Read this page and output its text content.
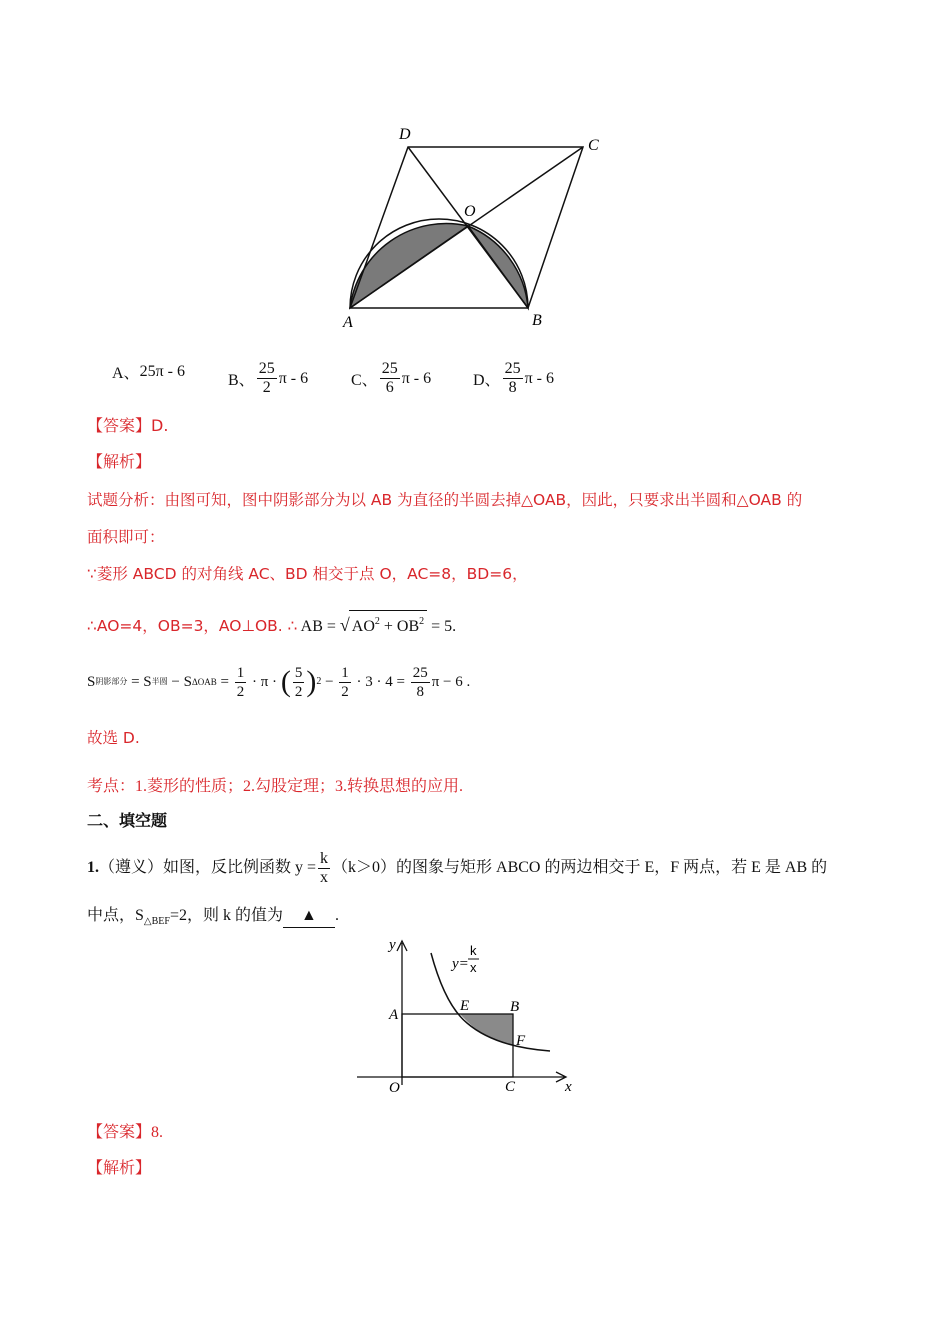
D
C
O
A	B
A、 25π - 6
B、 $\frac{25}{2}$ π - 6	C、 $\frac{25}{6}$ π - 6	D、 $\frac{25}{8}$ π - 6
【答案】D.
【解析】
试题分析：由图可知，图中阴影部分为以 AB 为直径的半圆去掉△OAB，因此，只要求出半圆和△OAB 的
面积即可：
∵菱形 ABCD 的对角线 AC、BD 相交于点 O，AC=8，BD=6，
∴AO=4，OB=3，AO⊥OB. ∴ AB = √ $AO^2 + OB^2 = 5$.
S 阴影部分 = S 半圆 − S $\Delta OAB = \frac{1}{2} \cdot \pi$ · ( $\frac{5}{2}$ ) $2 - \frac{1}{2} \cdot 3 \cdot 4 = \frac{25}{8}$ π − 6 .
故选 D.
考点：1.菱形的性质；2.勾股定理；3.转换思想的应用.
二、填空题
1. （遵义）如图，反比例函数 $y = \frac{k}{x} (k>0)$的图象与矩形 ABCO 的两边相交于 E，F 两点，若 E 是 AB 的
中点，$S_{\triangle BEF}=2$，则 k 的值为 ▲ .
y
x
O
A
E	B
F
C
y=
k
x
【答案】8.
【解析】
